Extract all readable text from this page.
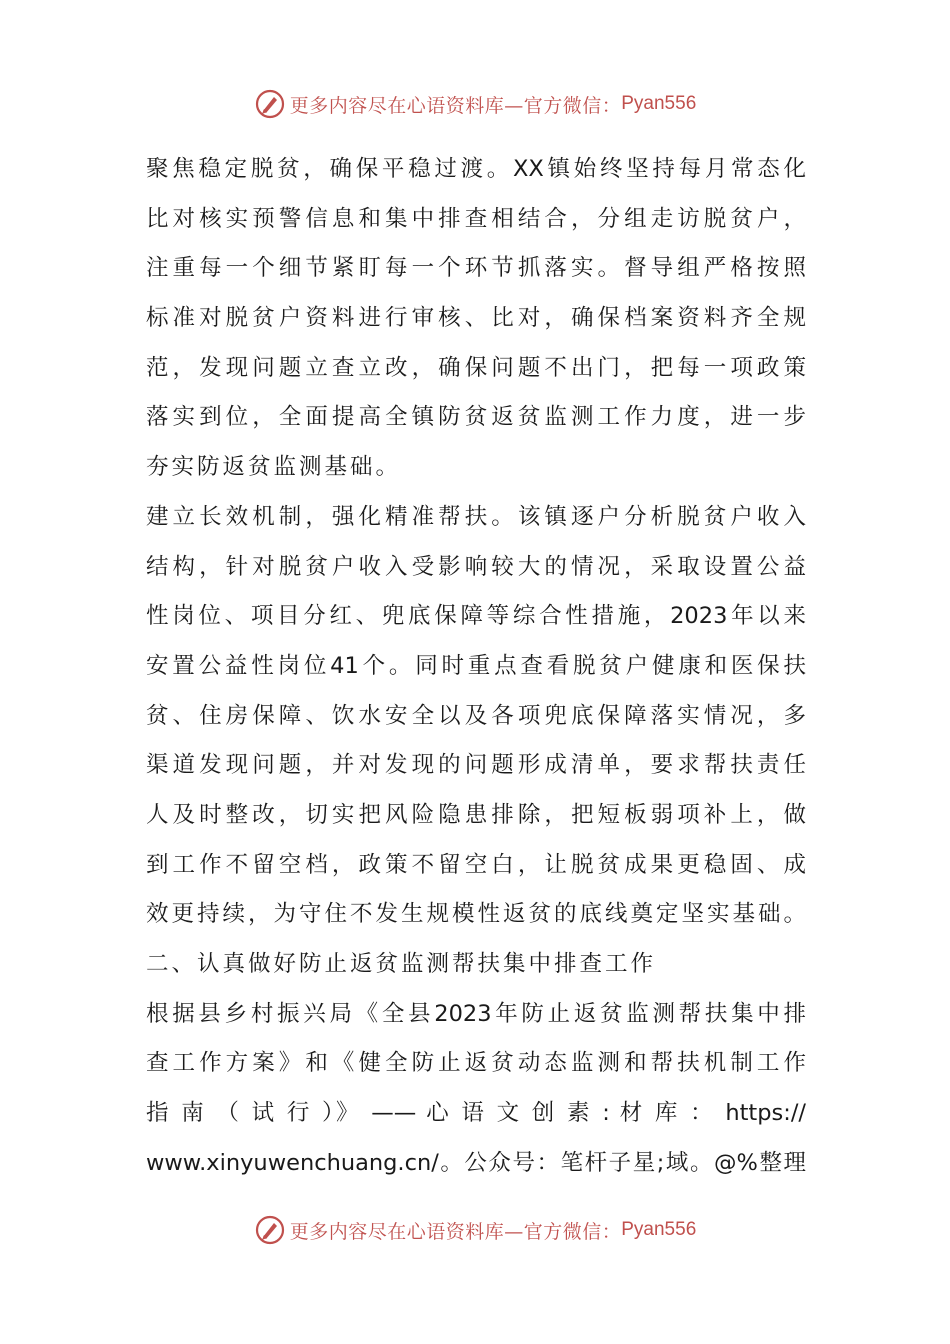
更多内容尽在心语资料库—官方微信： Pyan556
聚焦稳定脱贫，确保平稳过渡。XX镇始终坚持每月常态化
比对核实预警信息和集中排查相结合，分组走访脱贫户，
注重每一个细节紧盯每一个环节抓落实。督导组严格按照
标准对脱贫户资料进行审核、比对，确保档案资料齐全规
范，发现问题立查立改，确保问题不出门，把每一项政策
落实到位，全面提高全镇防贫返贫监测工作力度，进一步
夯实防返贫监测基础。
建立长效机制，强化精准帮扶。该镇逐户分析脱贫户收入
结构，针对脱贫户收入受影响较大的情况，采取设置公益
性岗位、项目分红、兜底保障等综合性措施，2023年以来
安置公益性岗位41个。同时重点查看脱贫户健康和医保扶
贫、住房保障、饮水安全以及各项兜底保障落实情况，多
渠道发现问题，并对发现的问题形成清单，要求帮扶责任
人及时整改，切实把风险隐患排除，把短板弱项补上，做
到工作不留空档，政策不留空白，让脱贫成果更稳固、成
效更持续，为守住不发生规模性返贫的底线奠定坚实基础。
二、认真做好防止返贫监测帮扶集中排查工作
根据县乡村振兴局《全县2023年防止返贫监测帮扶集中排
查工作方案》和《健全防止返贫动态监测和帮扶机制工作
指 南 （ 试 行 ）》 —— 心 语 文 创 素 : 材 库 ： https://
www.xinyuwenchuang.cn/。公众号：笔杆子星;域。@%整理
更多内容尽在心语资料库—官方微信： Pyan556
